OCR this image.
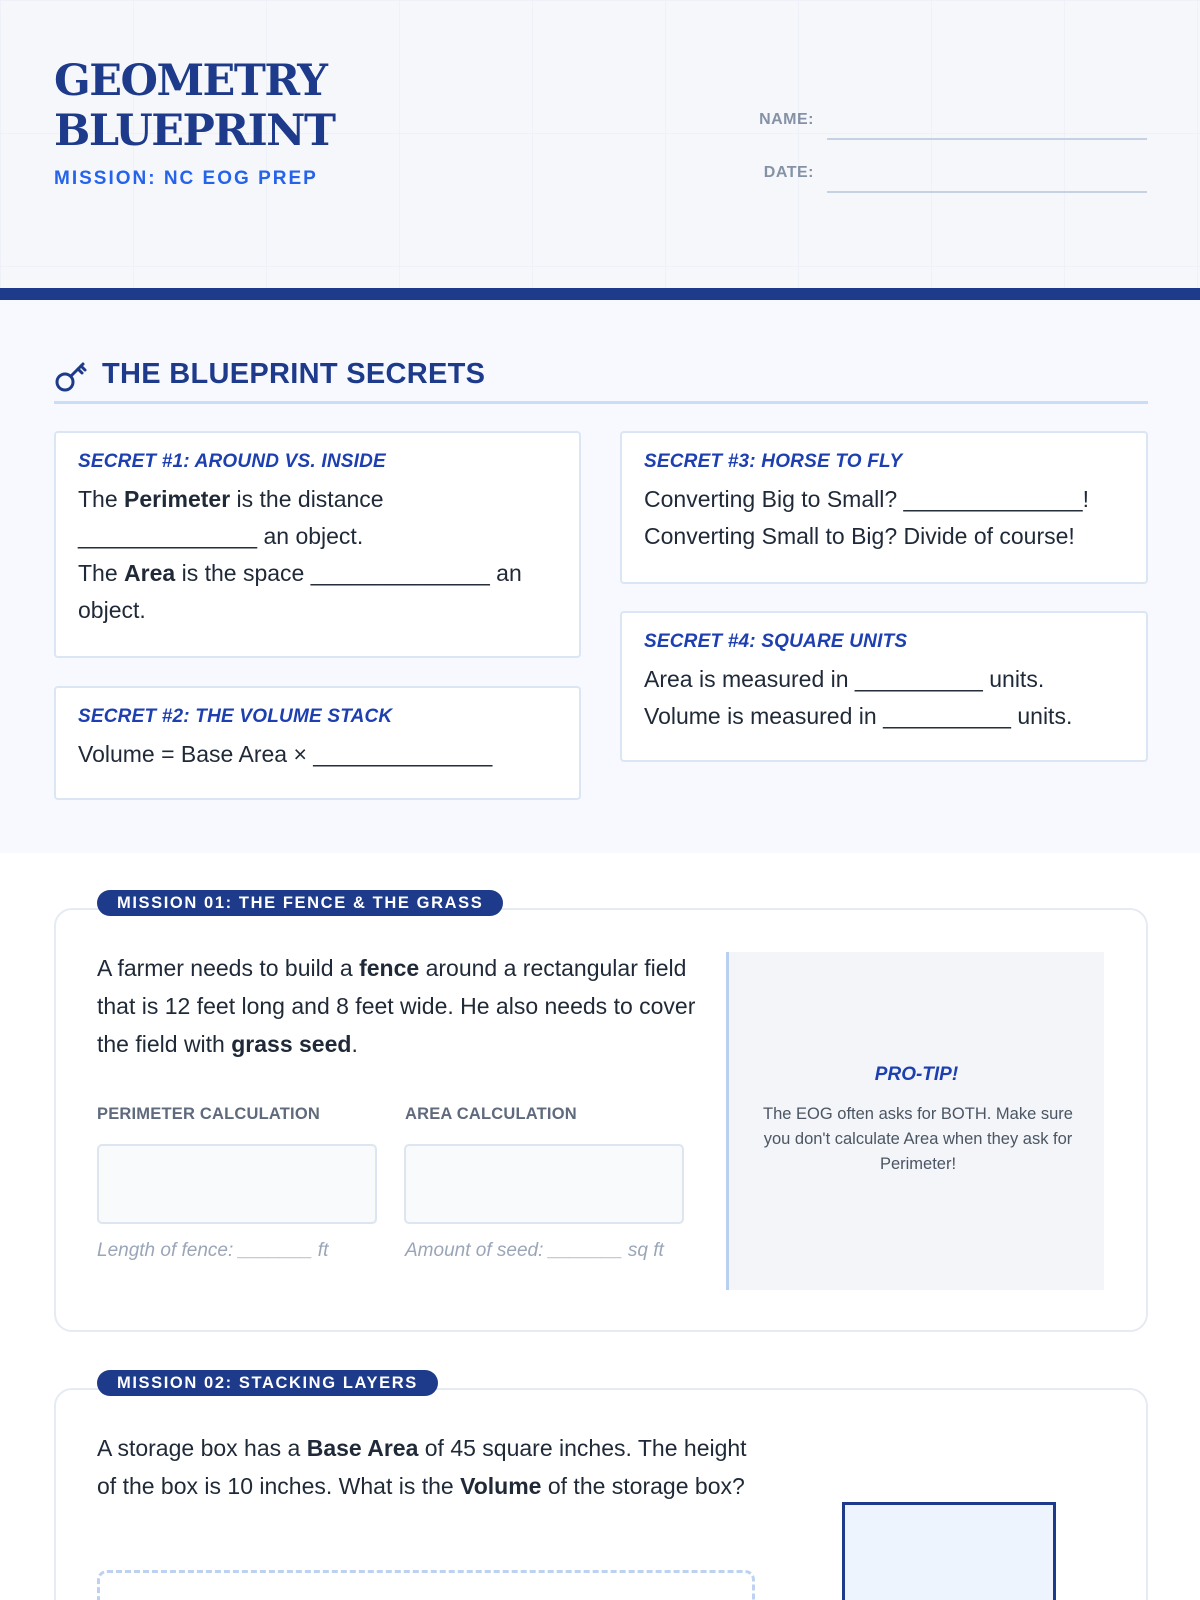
GEOMETRY
BLUEPRINT
MISSION: NC EOG PREP
NAME:
DATE:
THE BLUEPRINT SECRETS
SECRET #1: AROUND VS. INSIDE
The Perimeter is the distance
______________ an object.
The Area is the space ______________ an
object.
SECRET #2: THE VOLUME STACK
Volume = Base Area × ______________
SECRET #3: HORSE TO FLY
Converting Big to Small? ______________!
Converting Small to Big? Divide of course!
SECRET #4: SQUARE UNITS
Area is measured in __________ units.
Volume is measured in __________ units.
MISSION 01: THE FENCE & THE GRASS
A farmer needs to build a fence around a rectangular field that is 12 feet long and 8 feet wide. He also needs to cover the field with grass seed.
PERIMETER CALCULATION
Length of fence: _______ ft
AREA CALCULATION
Amount of seed: _______ sq ft
PRO-TIP!
The EOG often asks for BOTH. Make sure you don't calculate Area when they ask for Perimeter!
MISSION 02: STACKING LAYERS
A storage box has a Base Area of 45 square inches. The height of the box is 10 inches. What is the Volume of the storage box?
